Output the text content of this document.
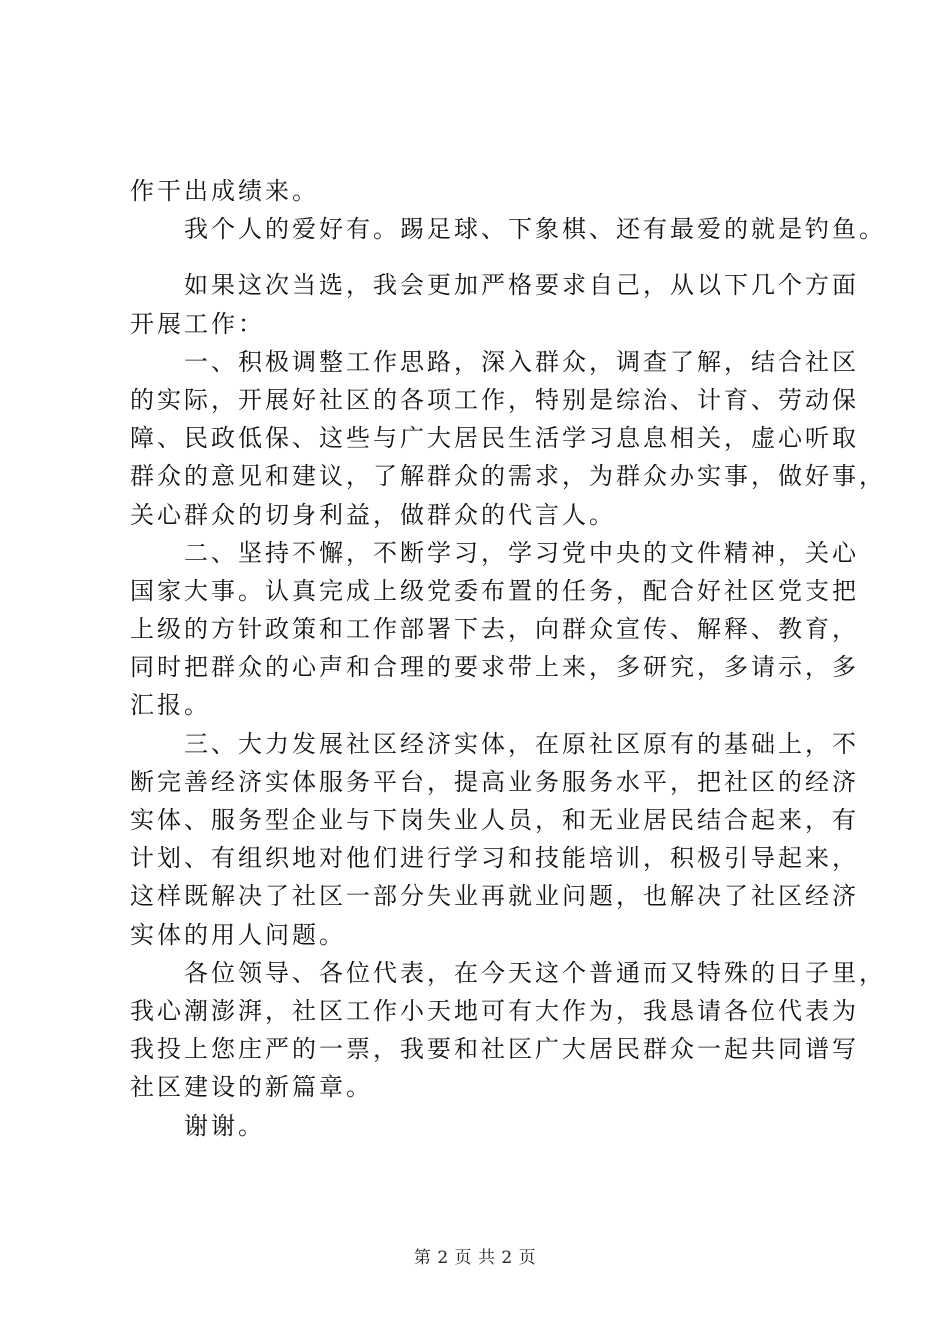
作干出成绩来。
我个人的爱好有。踢足球、下象棋、还有最爱的就是钓鱼。
如果这次当选，我会更加严格要求自己，从以下几个方面
开展工作：
一、积极调整工作思路，深入群众，调查了解，结合社区
的实际，开展好社区的各项工作，特别是综治、计育、劳动保
障、民政低保、这些与广大居民生活学习息息相关，虚心听取
群众的意见和建议，了解群众的需求，为群众办实事，做好事，
关心群众的切身利益，做群众的代言人。
二、坚持不懈，不断学习，学习党中央的文件精神，关心
国家大事。认真完成上级党委布置的任务，配合好社区党支把
上级的方针政策和工作部署下去，向群众宣传、解释、教育，
同时把群众的心声和合理的要求带上来，多研究，多请示，多
汇报。
三、大力发展社区经济实体，在原社区原有的基础上，不
断完善经济实体服务平台，提高业务服务水平，把社区的经济
实体、服务型企业与下岗失业人员，和无业居民结合起来，有
计划、有组织地对他们进行学习和技能培训，积极引导起来，
这样既解决了社区一部分失业再就业问题，也解决了社区经济
实体的用人问题。
各位领导、各位代表，在今天这个普通而又特殊的日子里，
我心潮澎湃，社区工作小天地可有大作为，我恳请各位代表为
我投上您庄严的一票，我要和社区广大居民群众一起共同谱写
社区建设的新篇章。
谢谢。
第 2 页 共 2 页
